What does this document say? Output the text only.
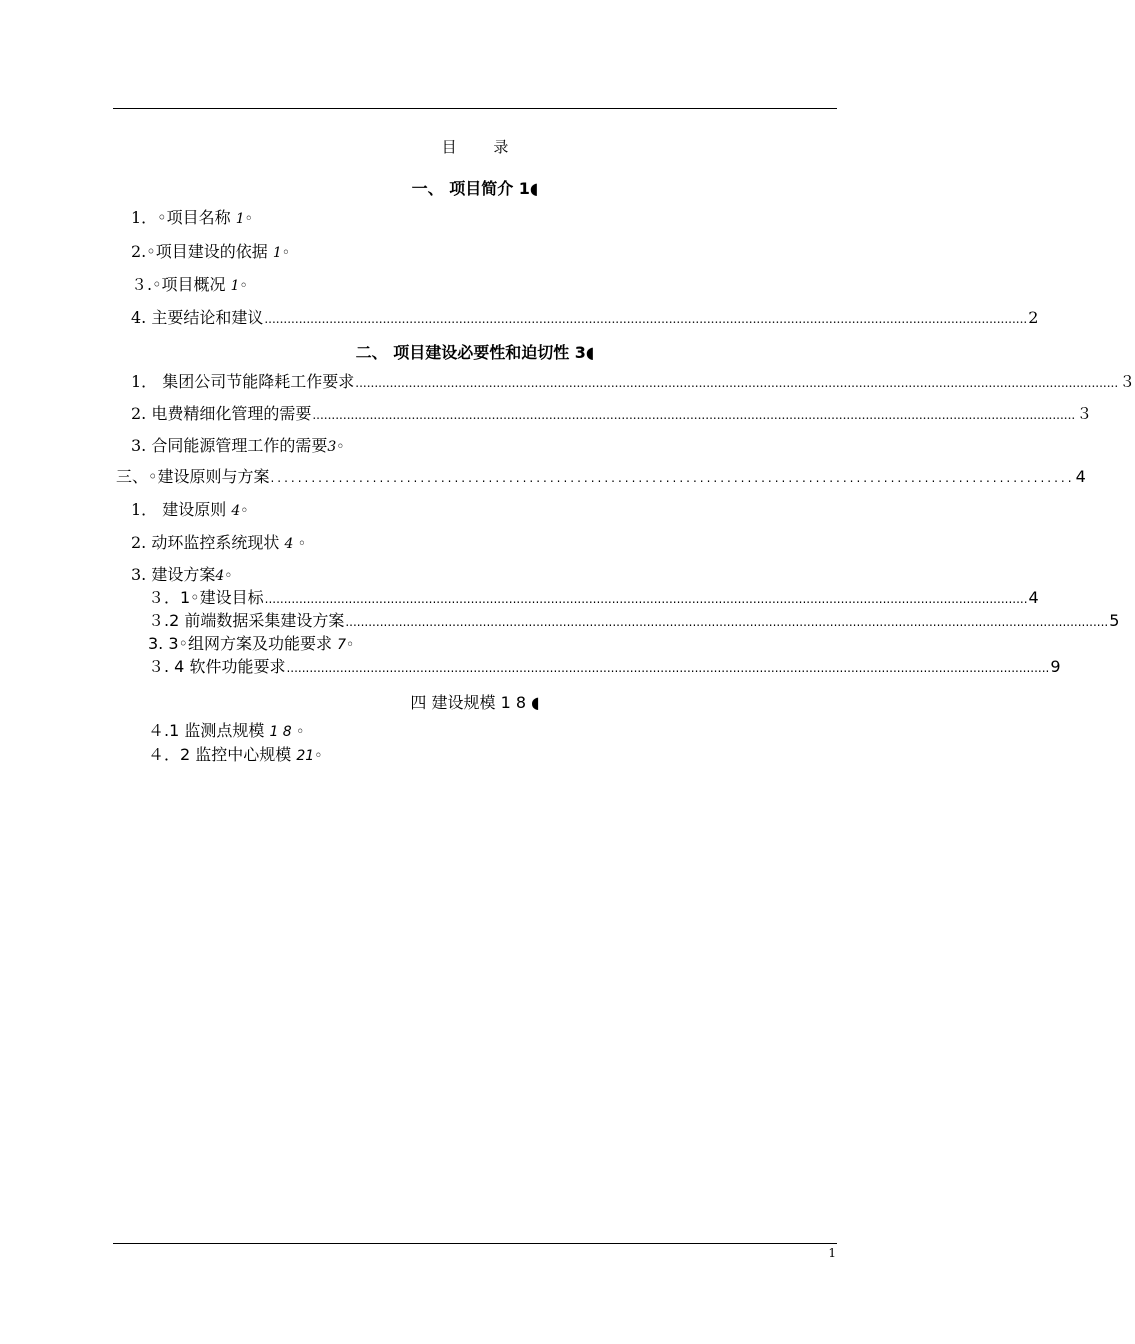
目 录
一、 项目简介 1◖
1．◦项目名称 1◦
2.◦项目建设的依据 1◦
３.◦项目概况 1◦
4. 主要结论和建议 ........................................................................................................................................................................................................ 2
二、 项目建设必要性和迫切性 3◖
1． 集团公司节能降耗工作要求 ........................................................................................................................................................................................................ ３
2. 电费精细化管理的需要 ........................................................................................................................................................................................................ ３
3. 合同能源管理工作的需要3◦
三、◦建设原则与方案 ...................................................................................................................... 4
1． 建设原则 4◦
2. 动环监控系统现状 4 ◦
3. 建设方案4◦
３．1◦建设目标 ........................................................................................................................................................................................................ 4
３.2 前端数据采集建设方案 ........................................................................................................................................................................................................ 5
3. 3◦组网方案及功能要求 7◦
３. 4 软件功能要求 ........................................................................................................................................................................................................ 9
四 建设规模 1 8 ◖
４.1 监测点规模 1 8 ◦
４．2 监控中心规模 21◦
1
